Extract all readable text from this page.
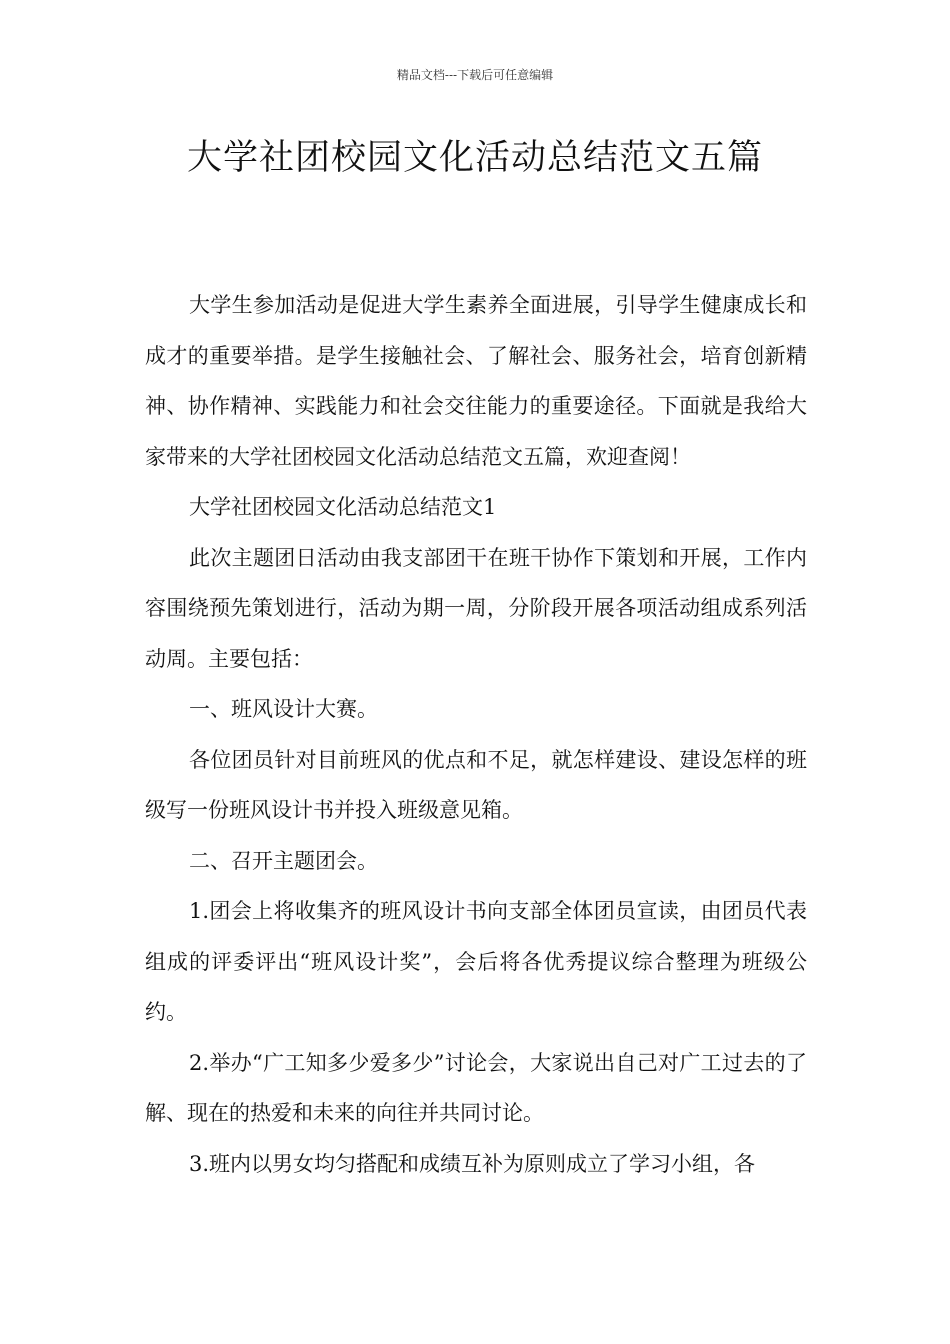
精品文档---下载后可任意编辑
大学社团校园文化活动总结范文五篇

大学生参加活动是促进大学生素养全面进展，引导学生健康成长和成才的重要举措。是学生接触社会、了解社会、服务社会，培育创新精神、协作精神、实践能力和社会交往能力的重要途径。下面就是我给大家带来的大学社团校园文化活动总结范文五篇，欢迎查阅！

大学社团校园文化活动总结范文1

此次主题团日活动由我支部团干在班干协作下策划和开展，工作内容围绕预先策划进行，活动为期一周，分阶段开展各项活动组成系列活动周。主要包括：

一、班风设计大赛。

各位团员针对目前班风的优点和不足，就怎样建设、建设怎样的班级写一份班风设计书并投入班级意见箱。

二、召开主题团会。

1.团会上将收集齐的班风设计书向支部全体团员宣读，由团员代表组成的评委评出“班风设计奖”，会后将各优秀提议综合整理为班级公约。

2.举办“广工知多少爱多少”讨论会，大家说出自己对广工过去的了解、现在的热爱和未来的向往并共同讨论。

3.班内以男女均匀搭配和成绩互补为原则成立了学习小组，各
